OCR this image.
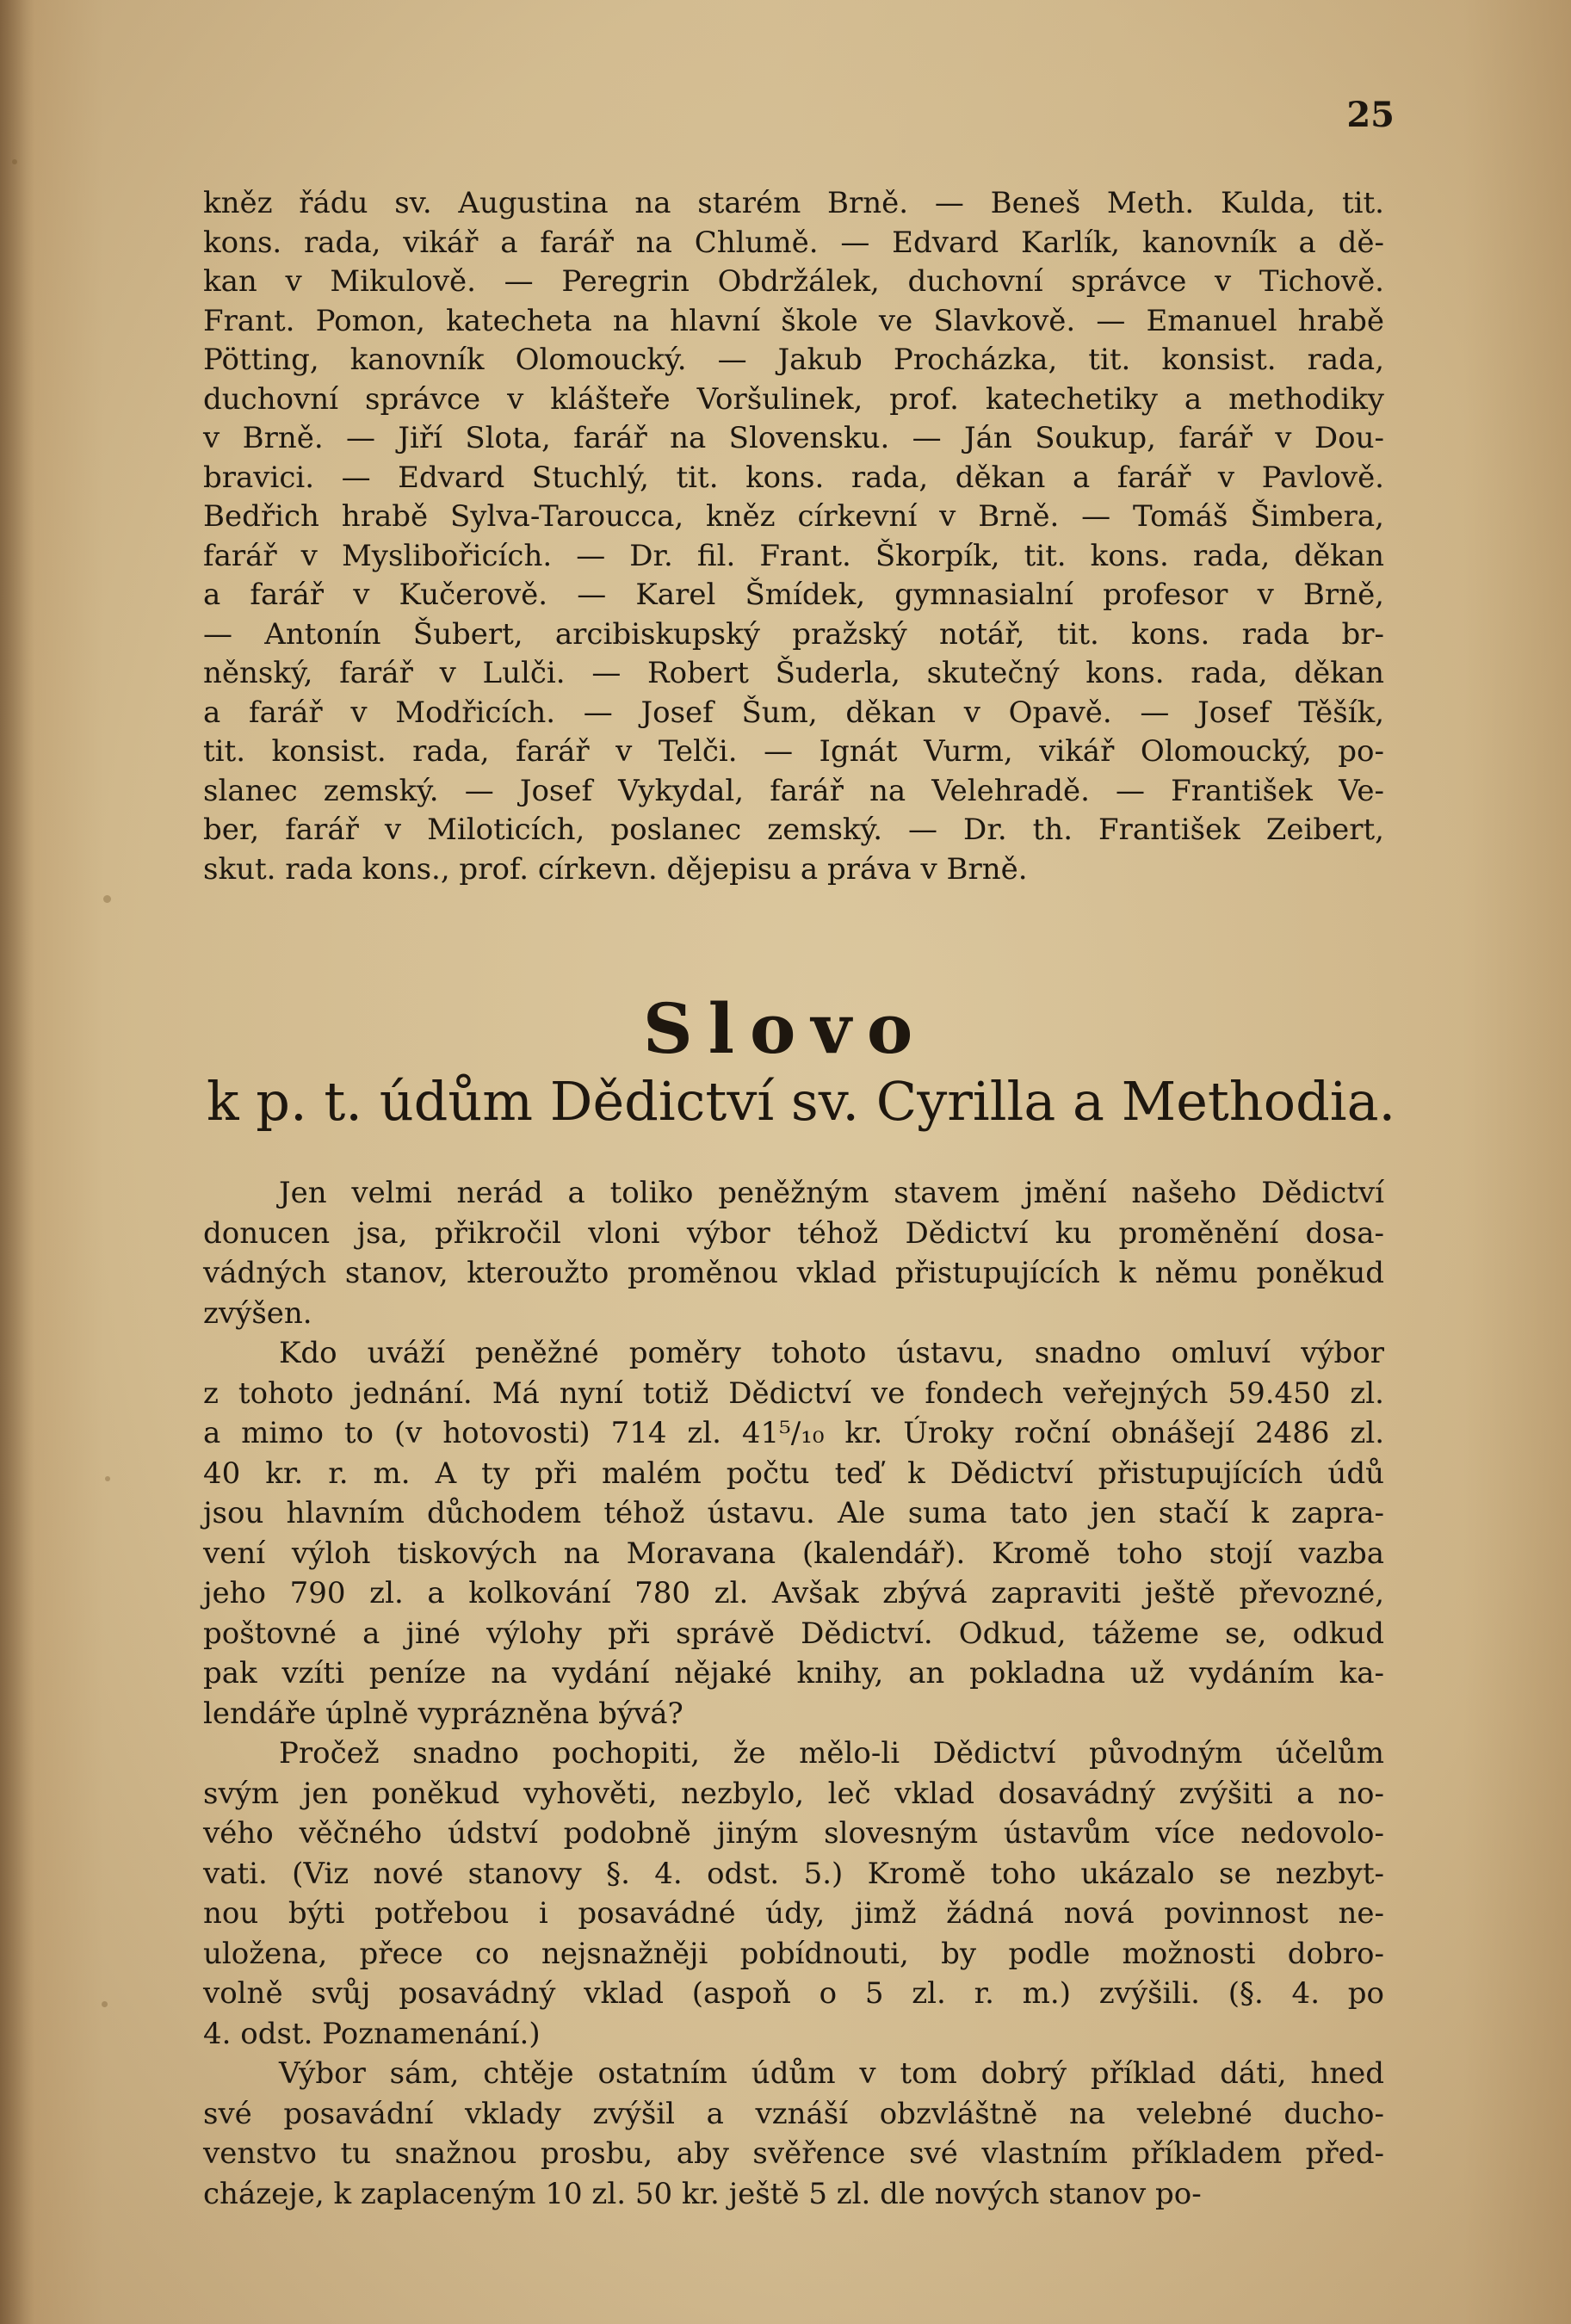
25
kněz řádu sv. Augustina na starém Brně. — Beneš Meth. Kulda, tit.
kons. rada, vikář a farář na Chlumě. — Edvard Karlík, kanovník a dě-
kan v Mikulově. — Peregrin Obdržálek, duchovní správce v Tichově.
Frant. Pomon, katecheta na hlavní škole ve Slavkově. — Emanuel hrabě
Pötting, kanovník Olomoucký. — Jakub Procházka, tit. konsist. rada,
duchovní správce v klášteře Voršulinek, prof. katechetiky a methodiky
v Brně. — Jiří Slota, farář na Slovensku. — Ján Soukup, farář v Dou-
bravici. — Edvard Stuchlý, tit. kons. rada, děkan a farář v Pavlově.
Bedřich hrabě Sylva-Taroucca, kněz církevní v Brně. — Tomáš Šimbera,
farář v Myslibořicích. — Dr. fil. Frant. Škorpík, tit. kons. rada, děkan
a farář v Kučerově. — Karel Šmídek, gymnasialní profesor v Brně,
— Antonín Šubert, arcibiskupský pražský notář, tit. kons. rada br-
něnský, farář v Lulči. — Robert Šuderla, skutečný kons. rada, děkan
a farář v Modřicích. — Josef Šum, děkan v Opavě. — Josef Těšík,
tit. konsist. rada, farář v Telči. — Ignát Vurm, vikář Olomoucký, po-
slanec zemský. — Josef Vykydal, farář na Velehradě. — František Ve-
ber, farář v Miloticích, poslanec zemský. — Dr. th. František Zeibert,
skut. rada kons., prof. církevn. dějepisu a práva v Brně.
Slovo
k p. t. údům Dědictví sv. Cyrilla a Methodia.
Jen velmi nerád a toliko peněžným stavem jmění našeho Dědictví
donucen jsa, přikročil vloni výbor téhož Dědictví ku proměnění dosa-
vádných stanov, kteroužto proměnou vklad přistupujících k němu poněkud
zvýšen.
Kdo uváží peněžné poměry tohoto ústavu, snadno omluví výbor
z tohoto jednání. Má nyní totiž Dědictví ve fondech veřejných 59.450 zl.
a mimo to (v hotovosti) 714 zl. 41⁵/₁₀ kr. Úroky roční obnášejí 2486 zl.
40 kr. r. m. A ty při malém počtu teď k Dědictví přistupujících údů
jsou hlavním důchodem téhož ústavu. Ale suma tato jen stačí k zapra-
vení výloh tiskových na Moravana (kalendář). Kromě toho stojí vazba
jeho 790 zl. a kolkování 780 zl. Avšak zbývá zapraviti ještě převozné,
poštovné a jiné výlohy při správě Dědictví. Odkud, tážeme se, odkud
pak vzíti peníze na vydání nějaké knihy, an pokladna už vydáním ka-
lendáře úplně vyprázněna bývá?
Pročež snadno pochopiti, že mělo-li Dědictví původným účelům
svým jen poněkud vyhověti, nezbylo, leč vklad dosavádný zvýšiti a no-
vého věčného údství podobně jiným slovesným ústavům více nedovolo-
vati. (Viz nové stanovy §. 4. odst. 5.) Kromě toho ukázalo se nezbyt-
nou býti potřebou i posavádné údy, jimž žádná nová povinnost ne-
uložena, přece co nejsnažněji pobídnouti, by podle možnosti dobro-
volně svůj posavádný vklad (aspoň o 5 zl. r. m.) zvýšili. (§. 4. po
4. odst. Poznamenání.)
Výbor sám, chtěje ostatním údům v tom dobrý příklad dáti, hned
své posavádní vklady zvýšil a vznáší obzvláštně na velebné ducho-
venstvo tu snažnou prosbu, aby svěřence své vlastním příkladem před-
cházeje, k zaplaceným 10 zl. 50 kr. ještě 5 zl. dle nových stanov po-
